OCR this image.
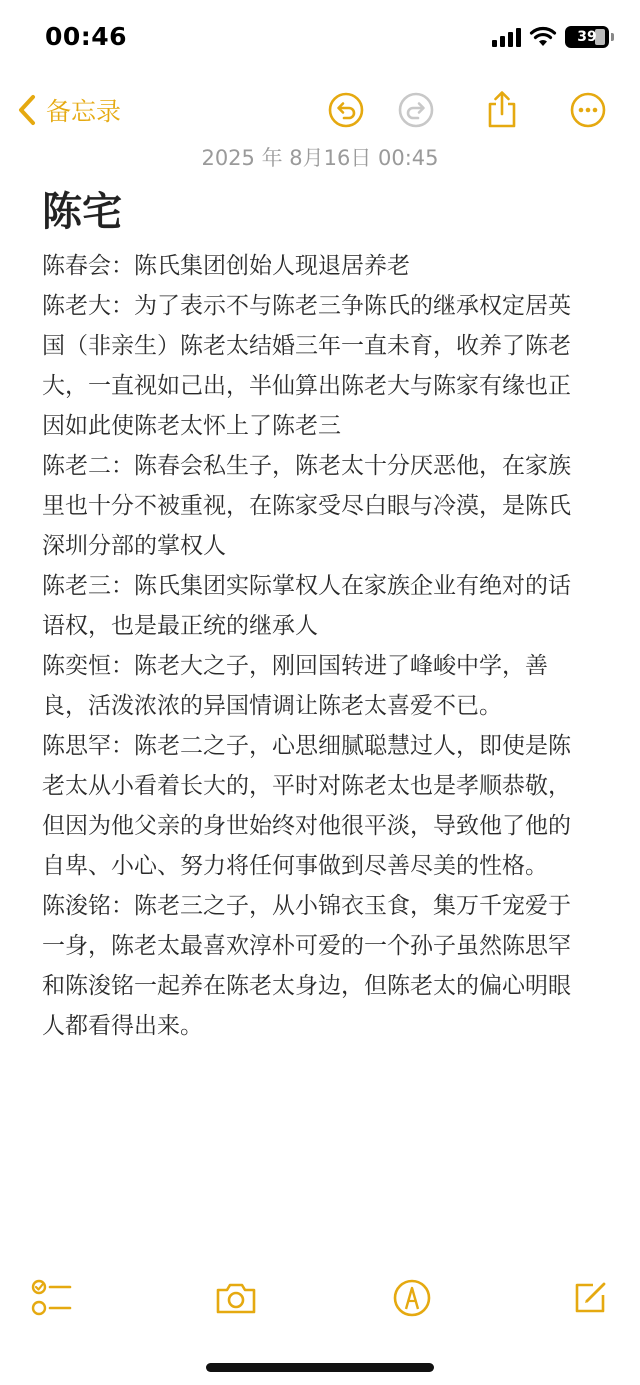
00:46	39
备忘录
2025 年 8月16日 00:45
陈宅

陈春会：陈氏集团创始人现退居养老

陈老大：为了表示不与陈老三争陈氏的继承权定居英国（非亲生）陈老太结婚三年一直未育，收养了陈老大，一直视如己出，半仙算出陈老大与陈家有缘也正因如此使陈老太怀上了陈老三

陈老二：陈春会私生子，陈老太十分厌恶他，在家族里也十分不被重视，在陈家受尽白眼与冷漠，是陈氏深圳分部的掌权人

陈老三：陈氏集团实际掌权人在家族企业有绝对的话语权，也是最正统的继承人

陈奕恒：陈老大之子，刚回国转进了峰峻中学，善良，活泼浓浓的异国情调让陈老太喜爱不已。

陈思罕：陈老二之子，心思细腻聪慧过人，即使是陈老太从小看着长大的，平时对陈老太也是孝顺恭敬，但因为他父亲的身世始终对他很平淡，导致他了他的自卑、小心、努力将任何事做到尽善尽美的性格。

陈浚铭：陈老三之子，从小锦衣玉食，集万千宠爱于一身，陈老太最喜欢淳朴可爱的一个孙子虽然陈思罕和陈浚铭一起养在陈老太身边，但陈老太的偏心明眼人都看得出来。
